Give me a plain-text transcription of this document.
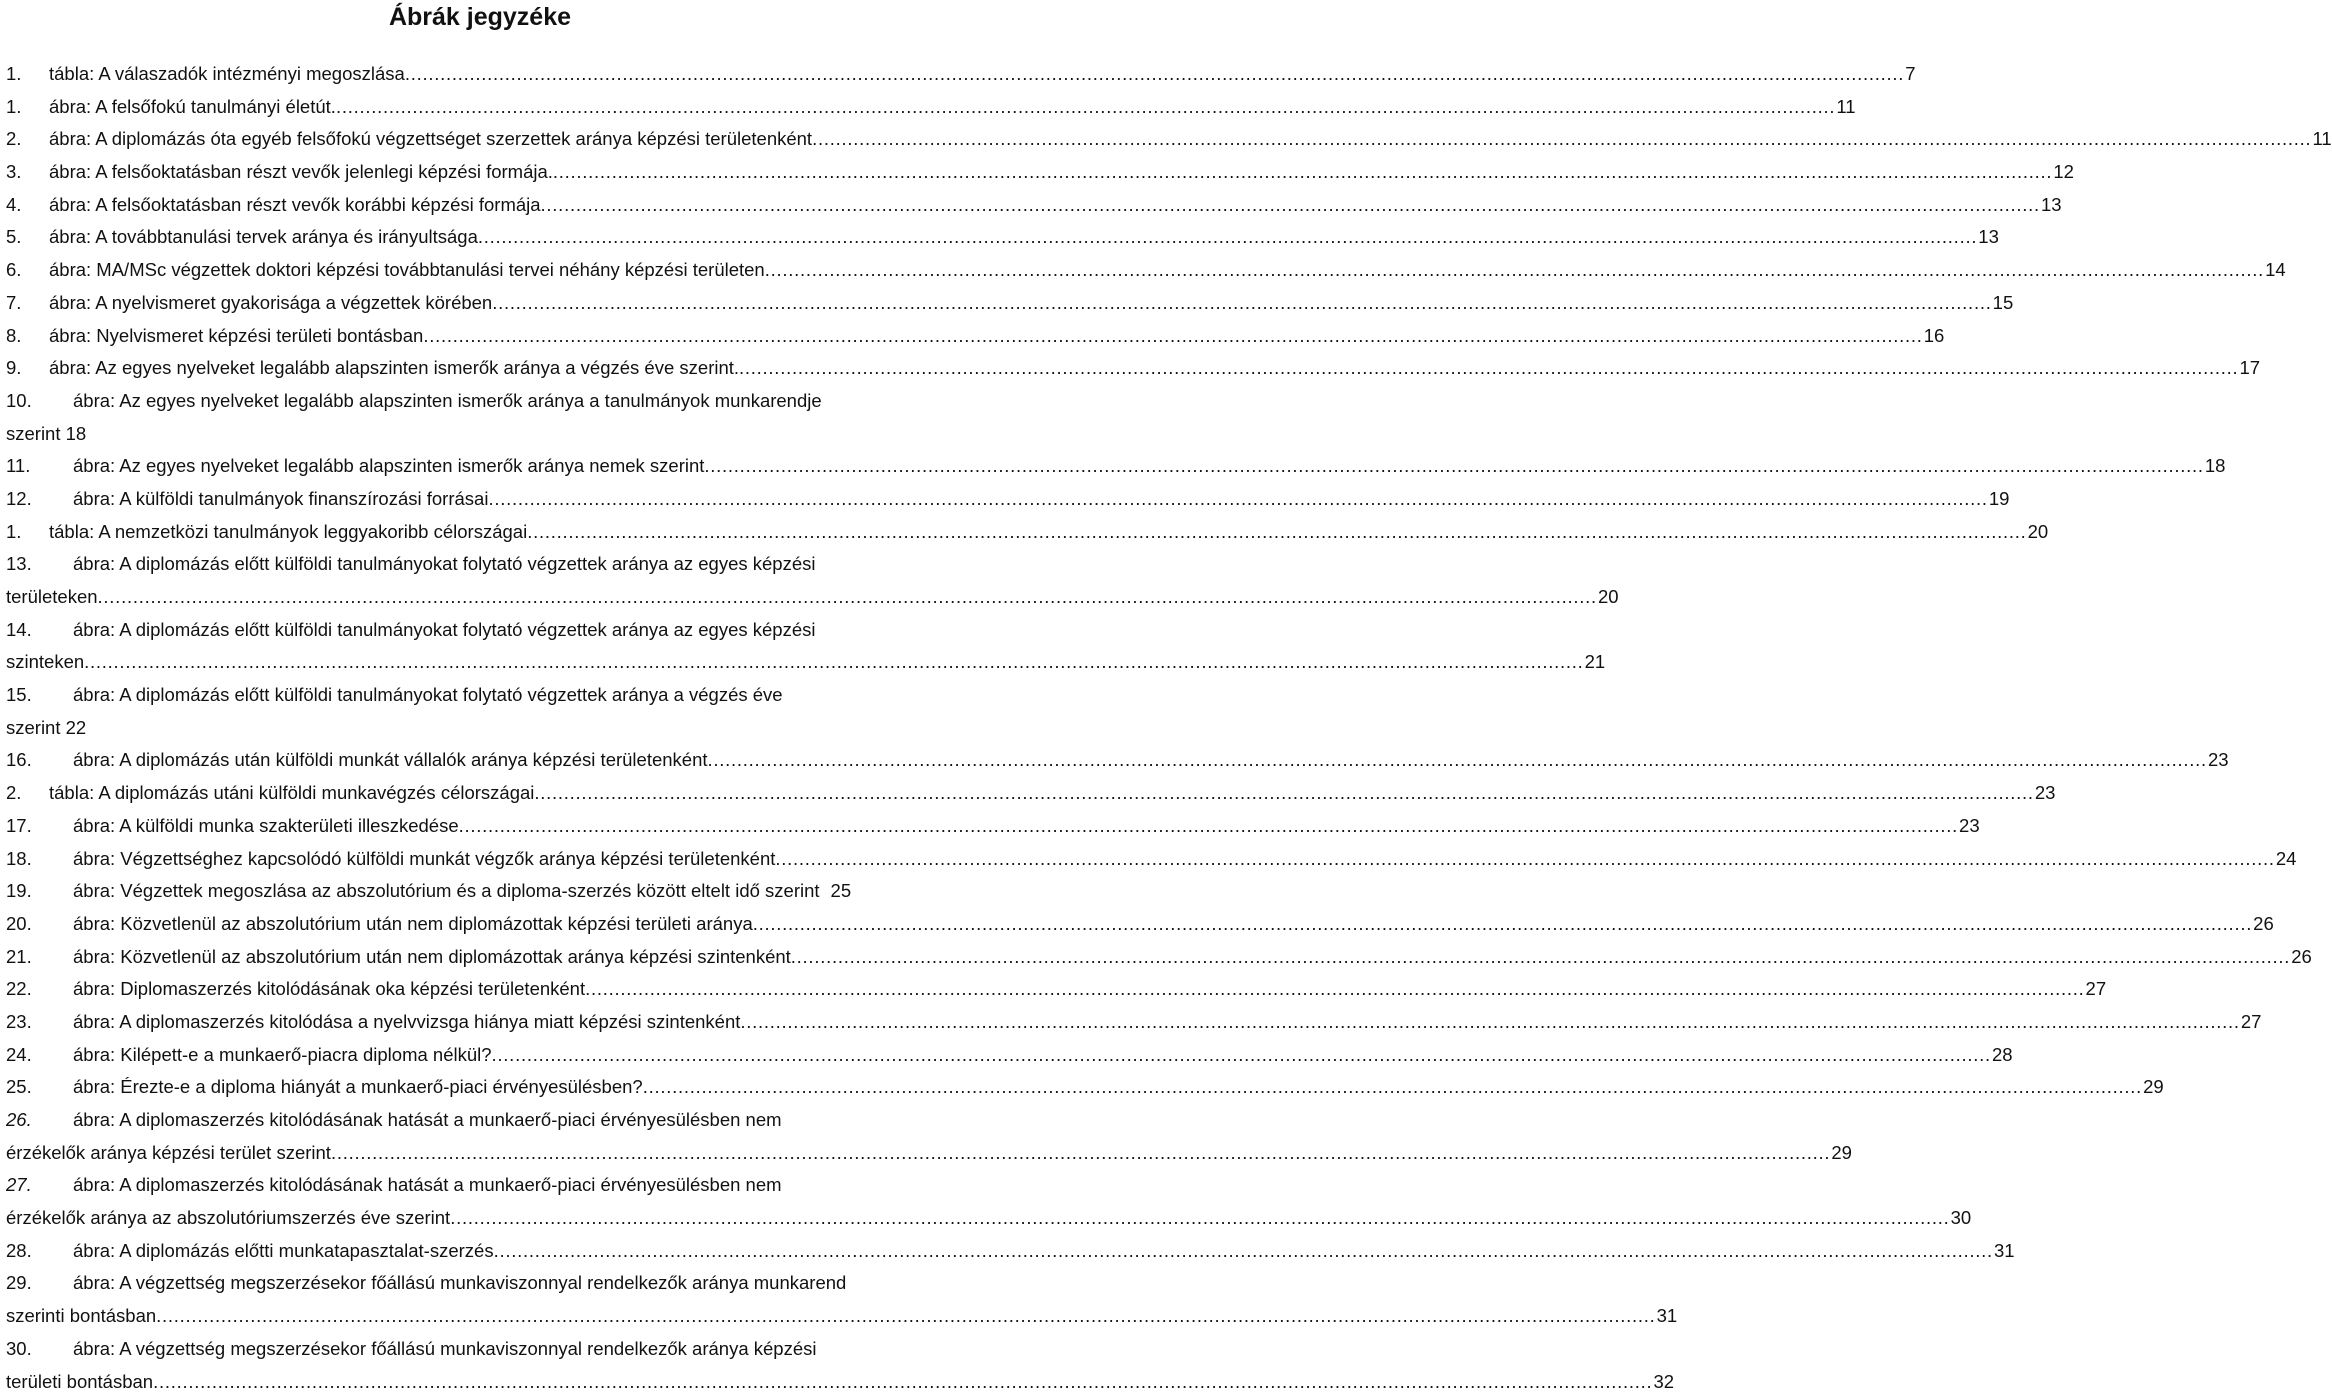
Ábrák jegyzéke
1.	tábla: A válaszadók intézményi megoszlása . . .	7
1.	ábra: A felsőfokú tanulmányi életút. . . .	11
2.	ábra: A diplomázás óta egyéb felsőfokú végzettséget szerzettek aránya képzési területenként . . .	11
3.	ábra: A felsőoktatásban részt vevők jelenlegi képzési formája. . . .	12
4.	ábra: A felsőoktatásban részt vevők korábbi képzési formája . . .	13
5.	ábra: A továbbtanulási tervek aránya és irányultsága . . .	13
6.	ábra: MA/MSc végzettek doktori képzési továbbtanulási tervei néhány képzési területen . . .	14
7.	ábra: A nyelvismeret gyakorisága a végzettek körében . . .	15
8.	ábra: Nyelvismeret képzési területi bontásban . . .	16
9.	ábra: Az egyes nyelveket legalább alapszinten ismerők aránya a végzés éve szerint. . . .	17
10.	ábra: Az egyes nyelveket legalább alapszinten ismerők aránya a tanulmányok munkarendje
szerint 18
11.	ábra: Az egyes nyelveket legalább alapszinten ismerők aránya nemek szerint . . .	18
12.	ábra: A külföldi tanulmányok finanszírozási forrásai . . .	19
1.	tábla: A nemzetközi tanulmányok leggyakoribb célországai . . .	20
13.	ábra: A diplomázás előtt külföldi tanulmányokat folytató végzettek aránya az egyes képzési
területeken . . .	20
14.	ábra: A diplomázás előtt külföldi tanulmányokat folytató végzettek aránya az egyes képzési
szinteken . . .	21
15.	ábra: A diplomázás előtt külföldi tanulmányokat folytató végzettek aránya a végzés éve
szerint 22
16.	ábra: A diplomázás után külföldi munkát vállalók aránya képzési területenként . . .	23
2.	tábla: A diplomázás utáni külföldi munkavégzés célországai . . .	23
17.	ábra: A külföldi munka szakterületi illeszkedése . . .	23
18.	ábra: Végzettséghez kapcsolódó külföldi munkát végzők aránya képzési területenként . . .	24
19.	ábra: Végzettek megoszlása az abszolutórium és a diploma-szerzés között eltelt idő szerint 25
20.	ábra: Közvetlenül az abszolutórium után nem diplomázottak képzési területi aránya . . .	26
21.	ábra: Közvetlenül az abszolutórium után nem diplomázottak aránya képzési szintenként . . .	26
22.	ábra: Diplomaszerzés kitolódásának oka képzési területenként . . .	27
23.	ábra: A diplomaszerzés kitolódása a nyelvvizsga hiánya miatt képzési szintenként . . .	27
24.	ábra: Kilépett-e a munkaerő-piacra diploma nélkül? . . .	28
25.	ábra: Érezte-e a diploma hiányát a munkaerő-piaci érvényesülésben? . . .	29
26.	ábra: A diplomaszerzés kitolódásának hatását a munkaerő-piaci érvényesülésben nem
érzékelők aránya képzési terület szerint . . .	29
27.	ábra: A diplomaszerzés kitolódásának hatását a munkaerő-piaci érvényesülésben nem
érzékelők aránya az abszolutóriumszerzés éve szerint . . .	30
28.	ábra: A diplomázás előtti munkatapasztalat-szerzés . . .	31
29.	ábra: A végzettség megszerzésekor főállású munkaviszonnyal rendelkezők aránya munkarend
szerinti bontásban . . .	31
30.	ábra: A végzettség megszerzésekor főállású munkaviszonnyal rendelkezők aránya képzési
területi bontásban . . .	32
